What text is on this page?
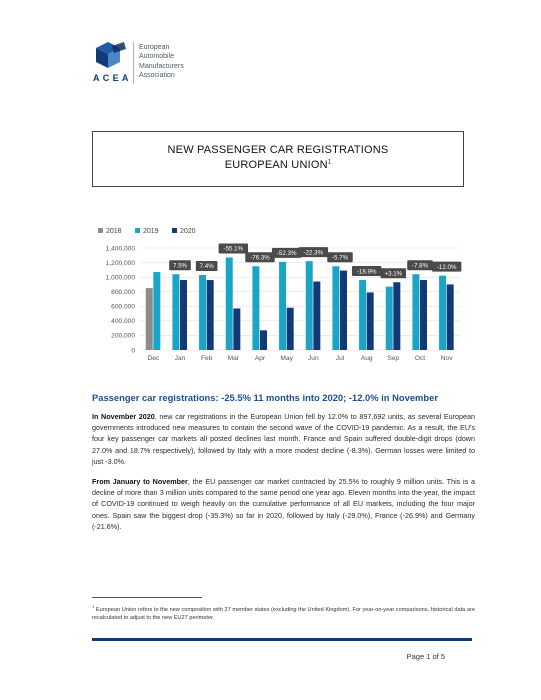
ACEA
European
Automobile
Manufacturers
Association
NEW PASSENGER CAR REGISTRATIONS
EUROPEAN UNION$^1$
2018	2019	2020
0
200,000
400,000
600,000
800,000
1,000,000
1,200,000
1,400,000
Dec Jan
7.5%
Feb
7.4%
Mar
-55.1%
Apr
-76.3%
May
-52.3%
Jun
-22.3%
Jul
-5.7%
Aug
-18.9%
Sep
+3.1%
Oct
-7.8%
Nov
-12.0%
Passenger car registrations: -25.5% 11 months into 2020; -12.0% in November
In November 2020, new car registrations in the European Union fell by 12.0% to 897,692 units, as several European governments introduced new measures to contain the second wave of the COVID-19 pandemic. As a result, the EU's four key passenger car markets all posted declines last month. France and Spain suffered double-digit drops (down 27.0% and 18.7% respectively), followed by Italy with a more modest decline (-8.3%). German losses were limited to just -3.0%.
From January to November, the EU passenger car market contracted by 25.5% to roughly 9 million units. This is a decline of more than 3 million units compared to the same period one year ago. Eleven months into the year, the impact of COVID-19 continued to weigh heavily on the cumulative performance of all EU markets, including the four major ones. Spain saw the biggest drop (-35.3%) so far in 2020, followed by Italy (-29.0%), France (-26.9%) and Germany (-21.6%).
$^1$ European Union refers to the new composition with 27 member states (excluding the United Kingdom). For year-on-year comparisons, historical data are recalculated to adjust to the new EU27 perimeter.
Page 1 of 5
